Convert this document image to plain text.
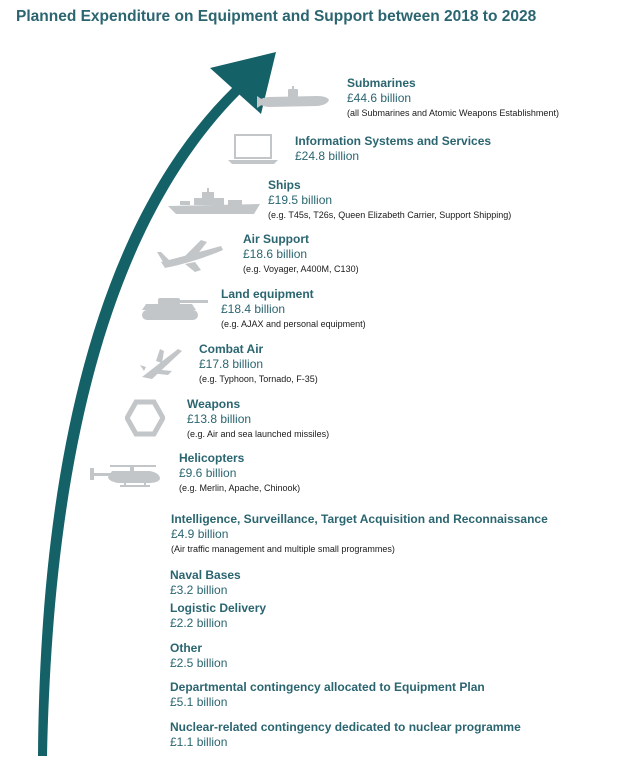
Planned Expenditure on Equipment and Support between 2018 to 2028
Submarines
£44.6 billion
(all Submarines and Atomic Weapons Establishment)
Information Systems and Services
£24.8 billion
Ships
£19.5 billion
(e.g. T45s, T26s, Queen Elizabeth Carrier, Support Shipping)
Air Support
£18.6 billion
(e.g. Voyager, A400M, C130)
Land equipment
£18.4 billion
(e.g. AJAX and personal equipment)
Combat Air
£17.8 billion
(e.g. Typhoon, Tornado, F-35)
Weapons
£13.8 billion
(e.g. Air and sea launched missiles)
Helicopters
£9.6 billion
(e.g. Merlin, Apache, Chinook)
Intelligence, Surveillance, Target Acquisition and Reconnaissance
£4.9 billion
(Air traffic management and multiple small programmes)
Naval Bases
£3.2 billion
Logistic Delivery
£2.2 billion
Other
£2.5 billion
Departmental contingency allocated to Equipment Plan
£5.1 billion
Nuclear-related contingency dedicated to nuclear programme
£1.1 billion
